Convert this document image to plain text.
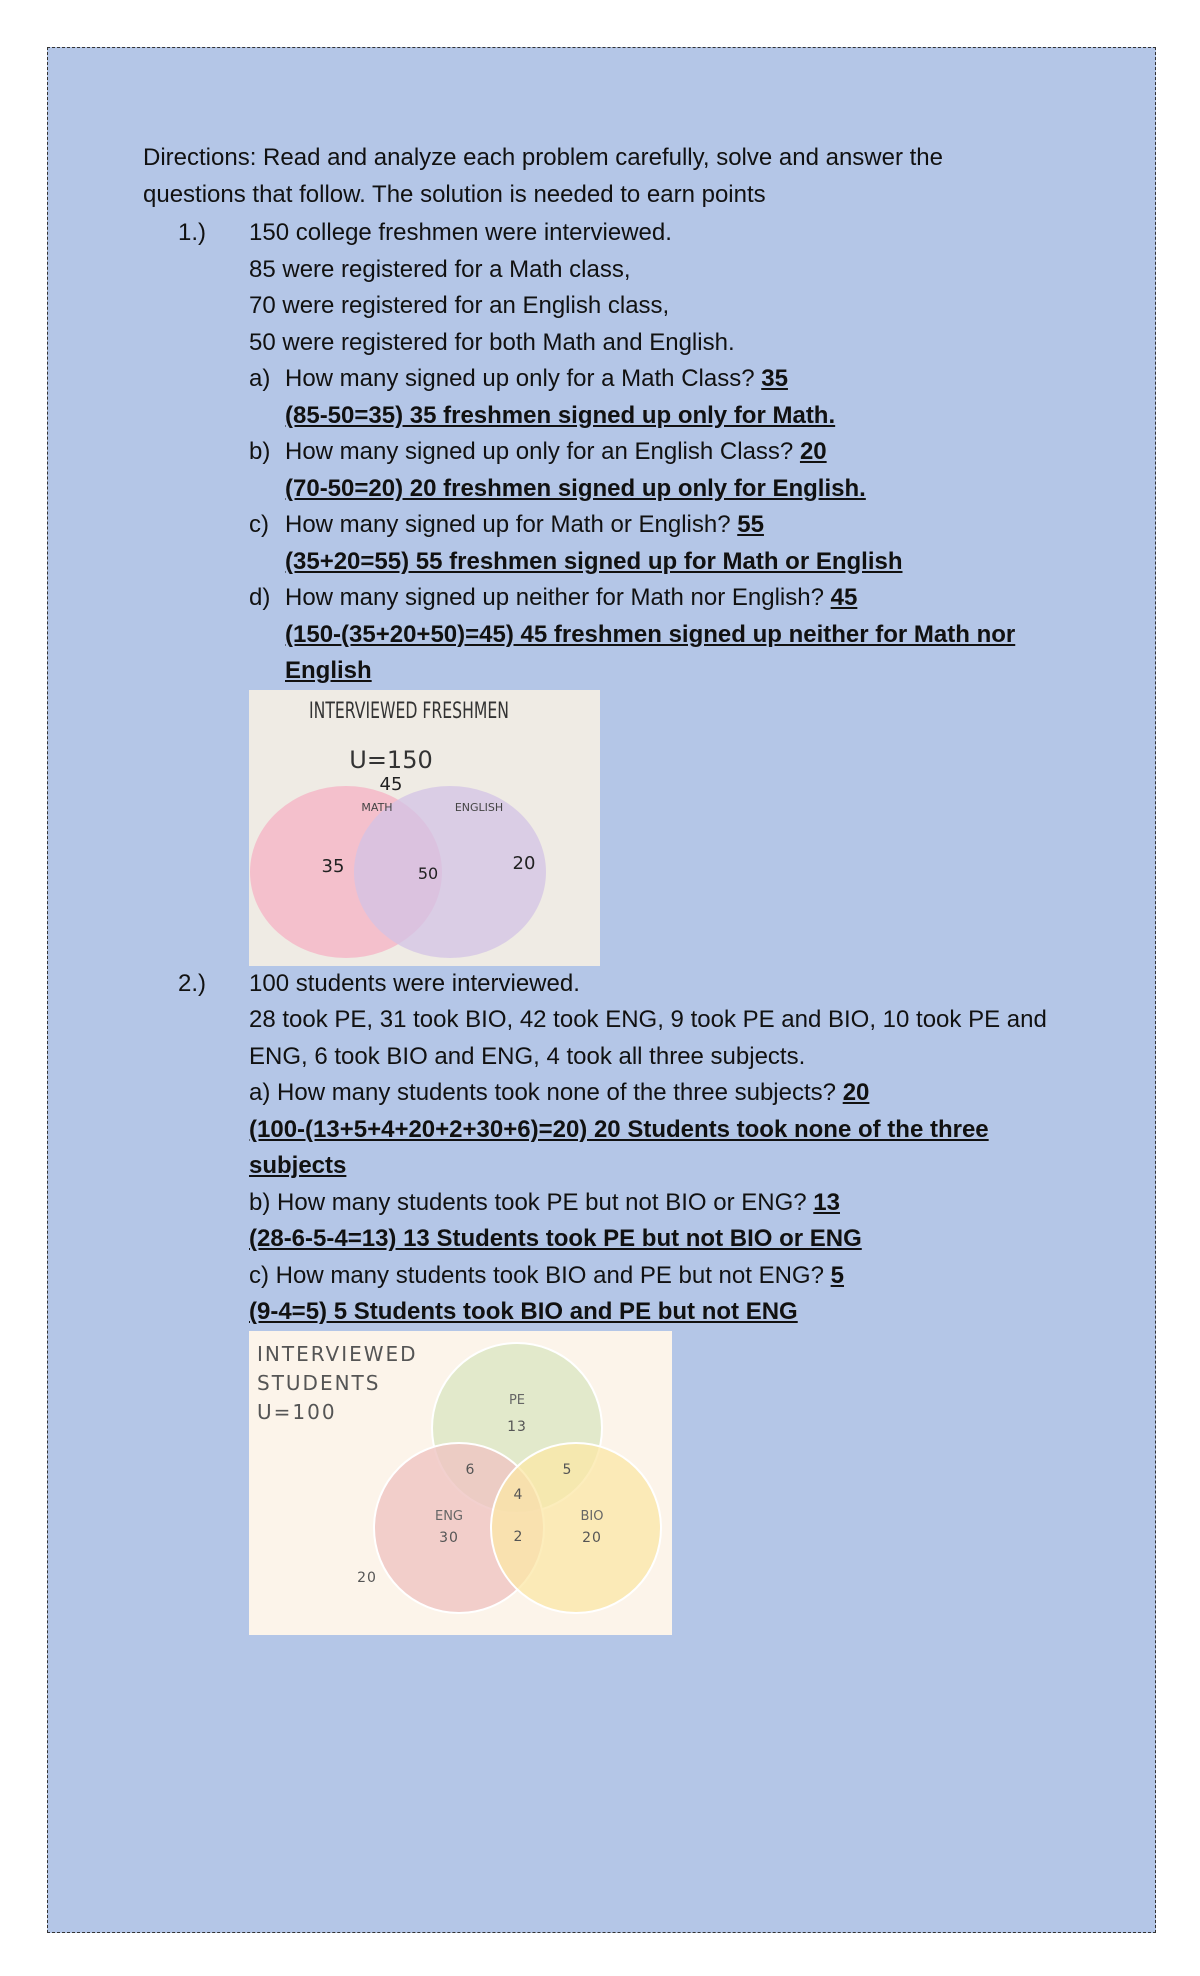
Directions: Read and analyze each problem carefully, solve and answer the
questions that follow. The solution is needed to earn points
1.) 150 college freshmen were interviewed.
85 were registered for a Math class,
70 were registered for an English class,
50 were registered for both Math and English.
a) How many signed up only for a Math Class? 35
(85-50=35) 35 freshmen signed up only for Math.
b) How many signed up only for an English Class? 20
(70-50=20) 20 freshmen signed up only for English.
c) How many signed up for Math or English? 55
(35+20=55) 55 freshmen signed up for Math or English
d) How many signed up neither for Math nor English? 45
(150-(35+20+50)=45) 45 freshmen signed up neither for Math nor
English
INTERVIEWED FRESHMEN
U=150
45
MATH	ENGLISH
35	50	20
2.) 100 students were interviewed.
28 took PE, 31 took BIO, 42 took ENG, 9 took PE and BIO, 10 took PE and
ENG, 6 took BIO and ENG, 4 took all three subjects.
a) How many students took none of the three subjects? 20
(100-(13+5+4+20+2+30+6)=20) 20 Students took none of the three
subjects
b) How many students took PE but not BIO or ENG? 13
(28-6-5-4=13) 13 Students took PE but not BIO or ENG
c) How many students took BIO and PE but not ENG? 5
(9-4=5) 5 Students took BIO and PE but not ENG
INTERVIEWED
STUDENTS
U=100	PE
13
6	5
4
2
ENG
30
BIO
20
20
